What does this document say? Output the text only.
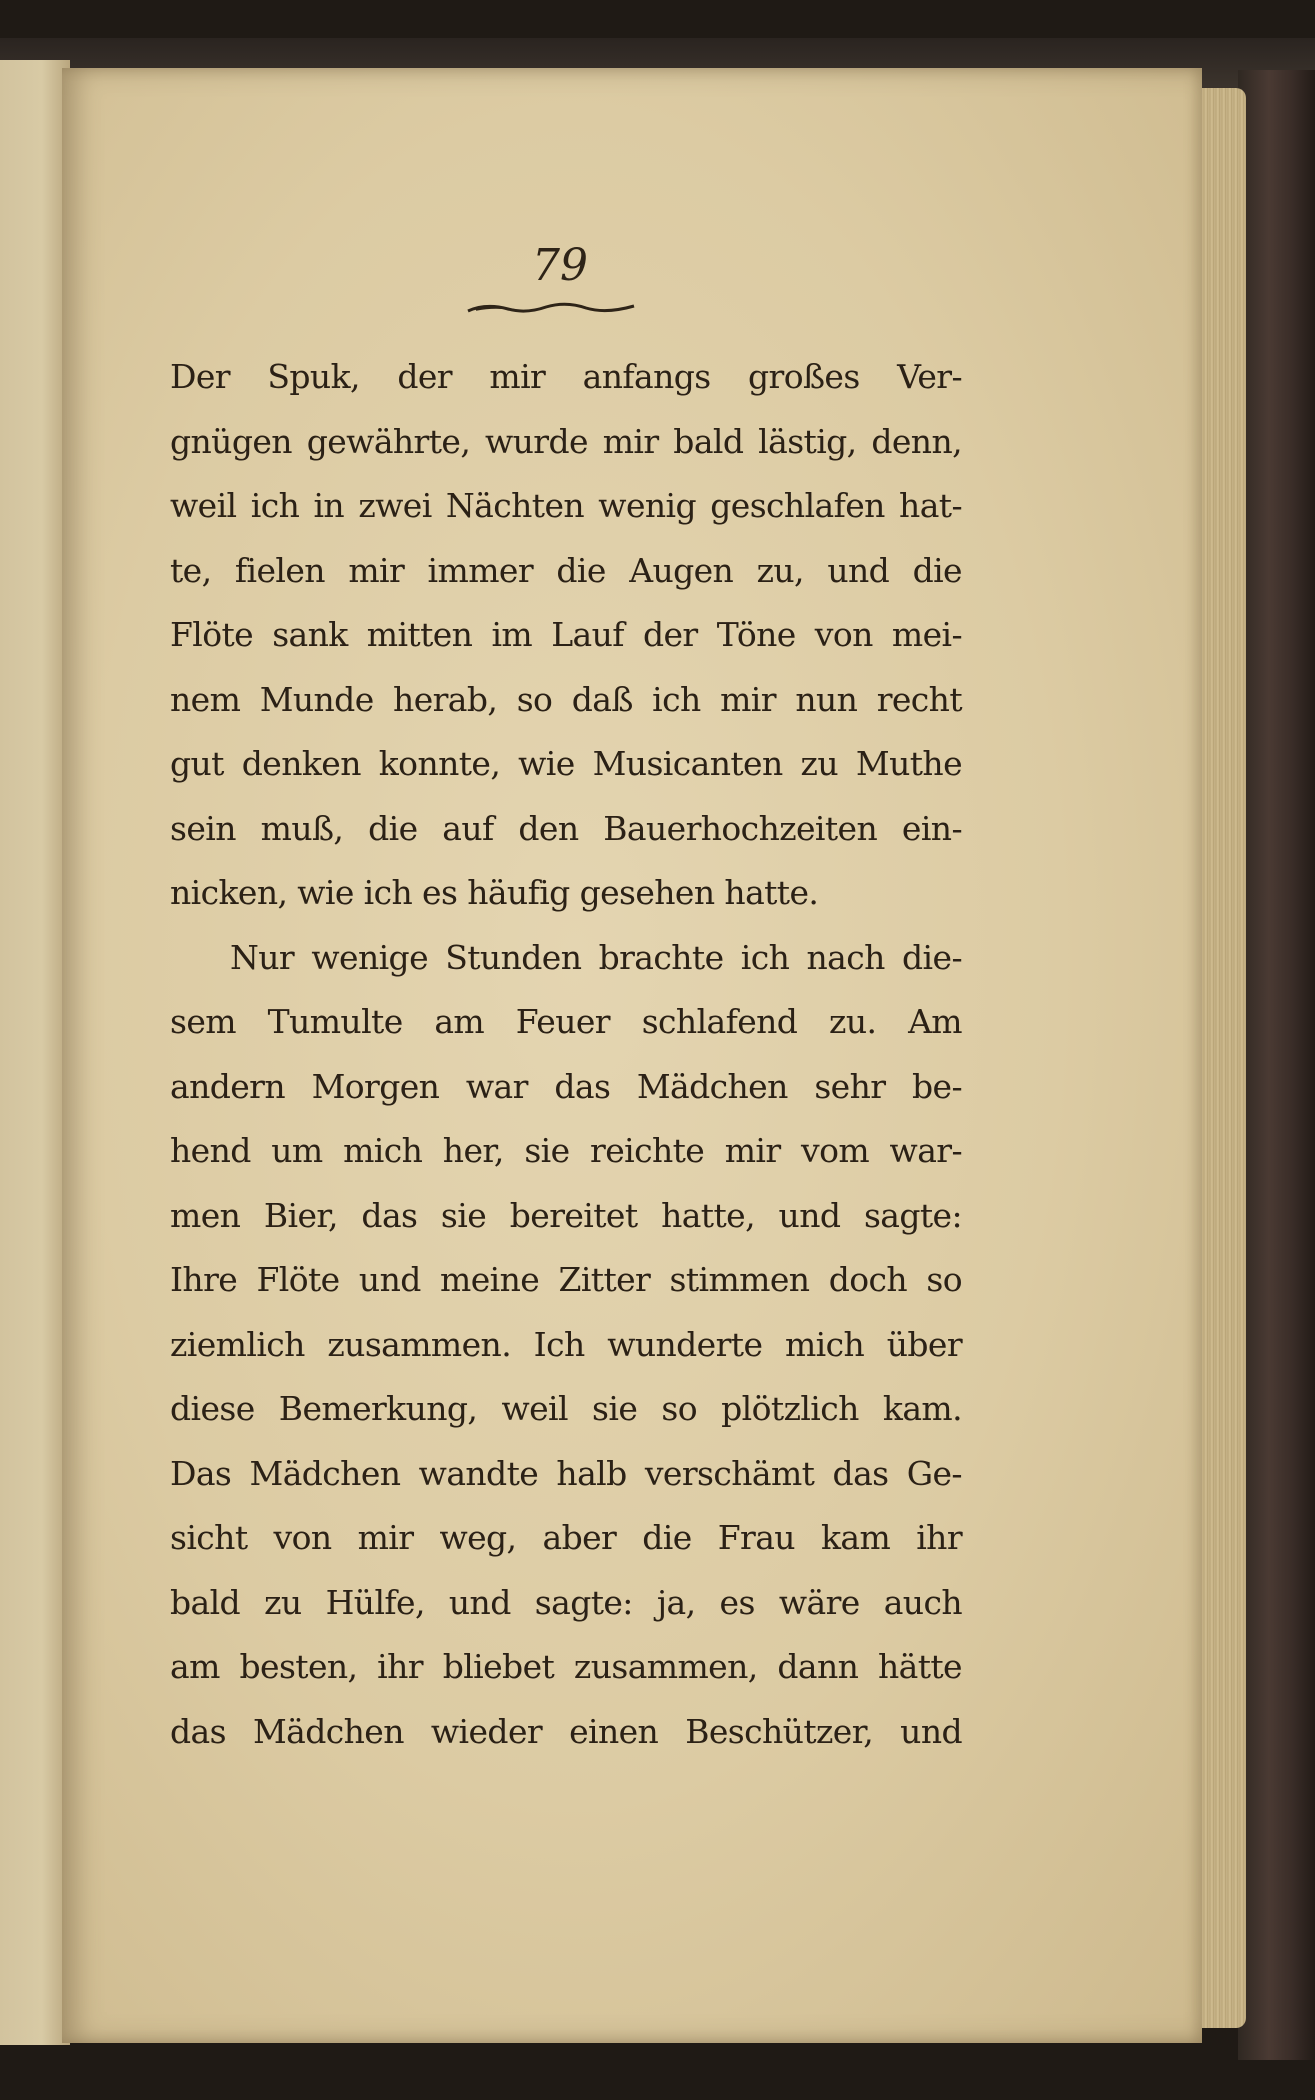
79
Der Spuk, der mir anfangs großes Ver-
gnügen gewährte, wurde mir bald lästig, denn,
weil ich in zwei Nächten wenig geschlafen hat-
te, fielen mir immer die Augen zu, und die
Flöte sank mitten im Lauf der Töne von mei-
nem Munde herab, so daß ich mir nun recht
gut denken konnte, wie Musicanten zu Muthe
sein muß, die auf den Bauerhochzeiten ein-
nicken, wie ich es häufig gesehen hatte.
Nur wenige Stunden brachte ich nach die-
sem Tumulte am Feuer schlafend zu. Am
andern Morgen war das Mädchen sehr be-
hend um mich her, sie reichte mir vom war-
men Bier, das sie bereitet hatte, und sagte:
Ihre Flöte und meine Zitter stimmen doch so
ziemlich zusammen. Ich wunderte mich über
diese Bemerkung, weil sie so plötzlich kam.
Das Mädchen wandte halb verschämt das Ge-
sicht von mir weg, aber die Frau kam ihr
bald zu Hülfe, und sagte: ja, es wäre auch
am besten, ihr bliebet zusammen, dann hätte
das Mädchen wieder einen Beschützer, und
